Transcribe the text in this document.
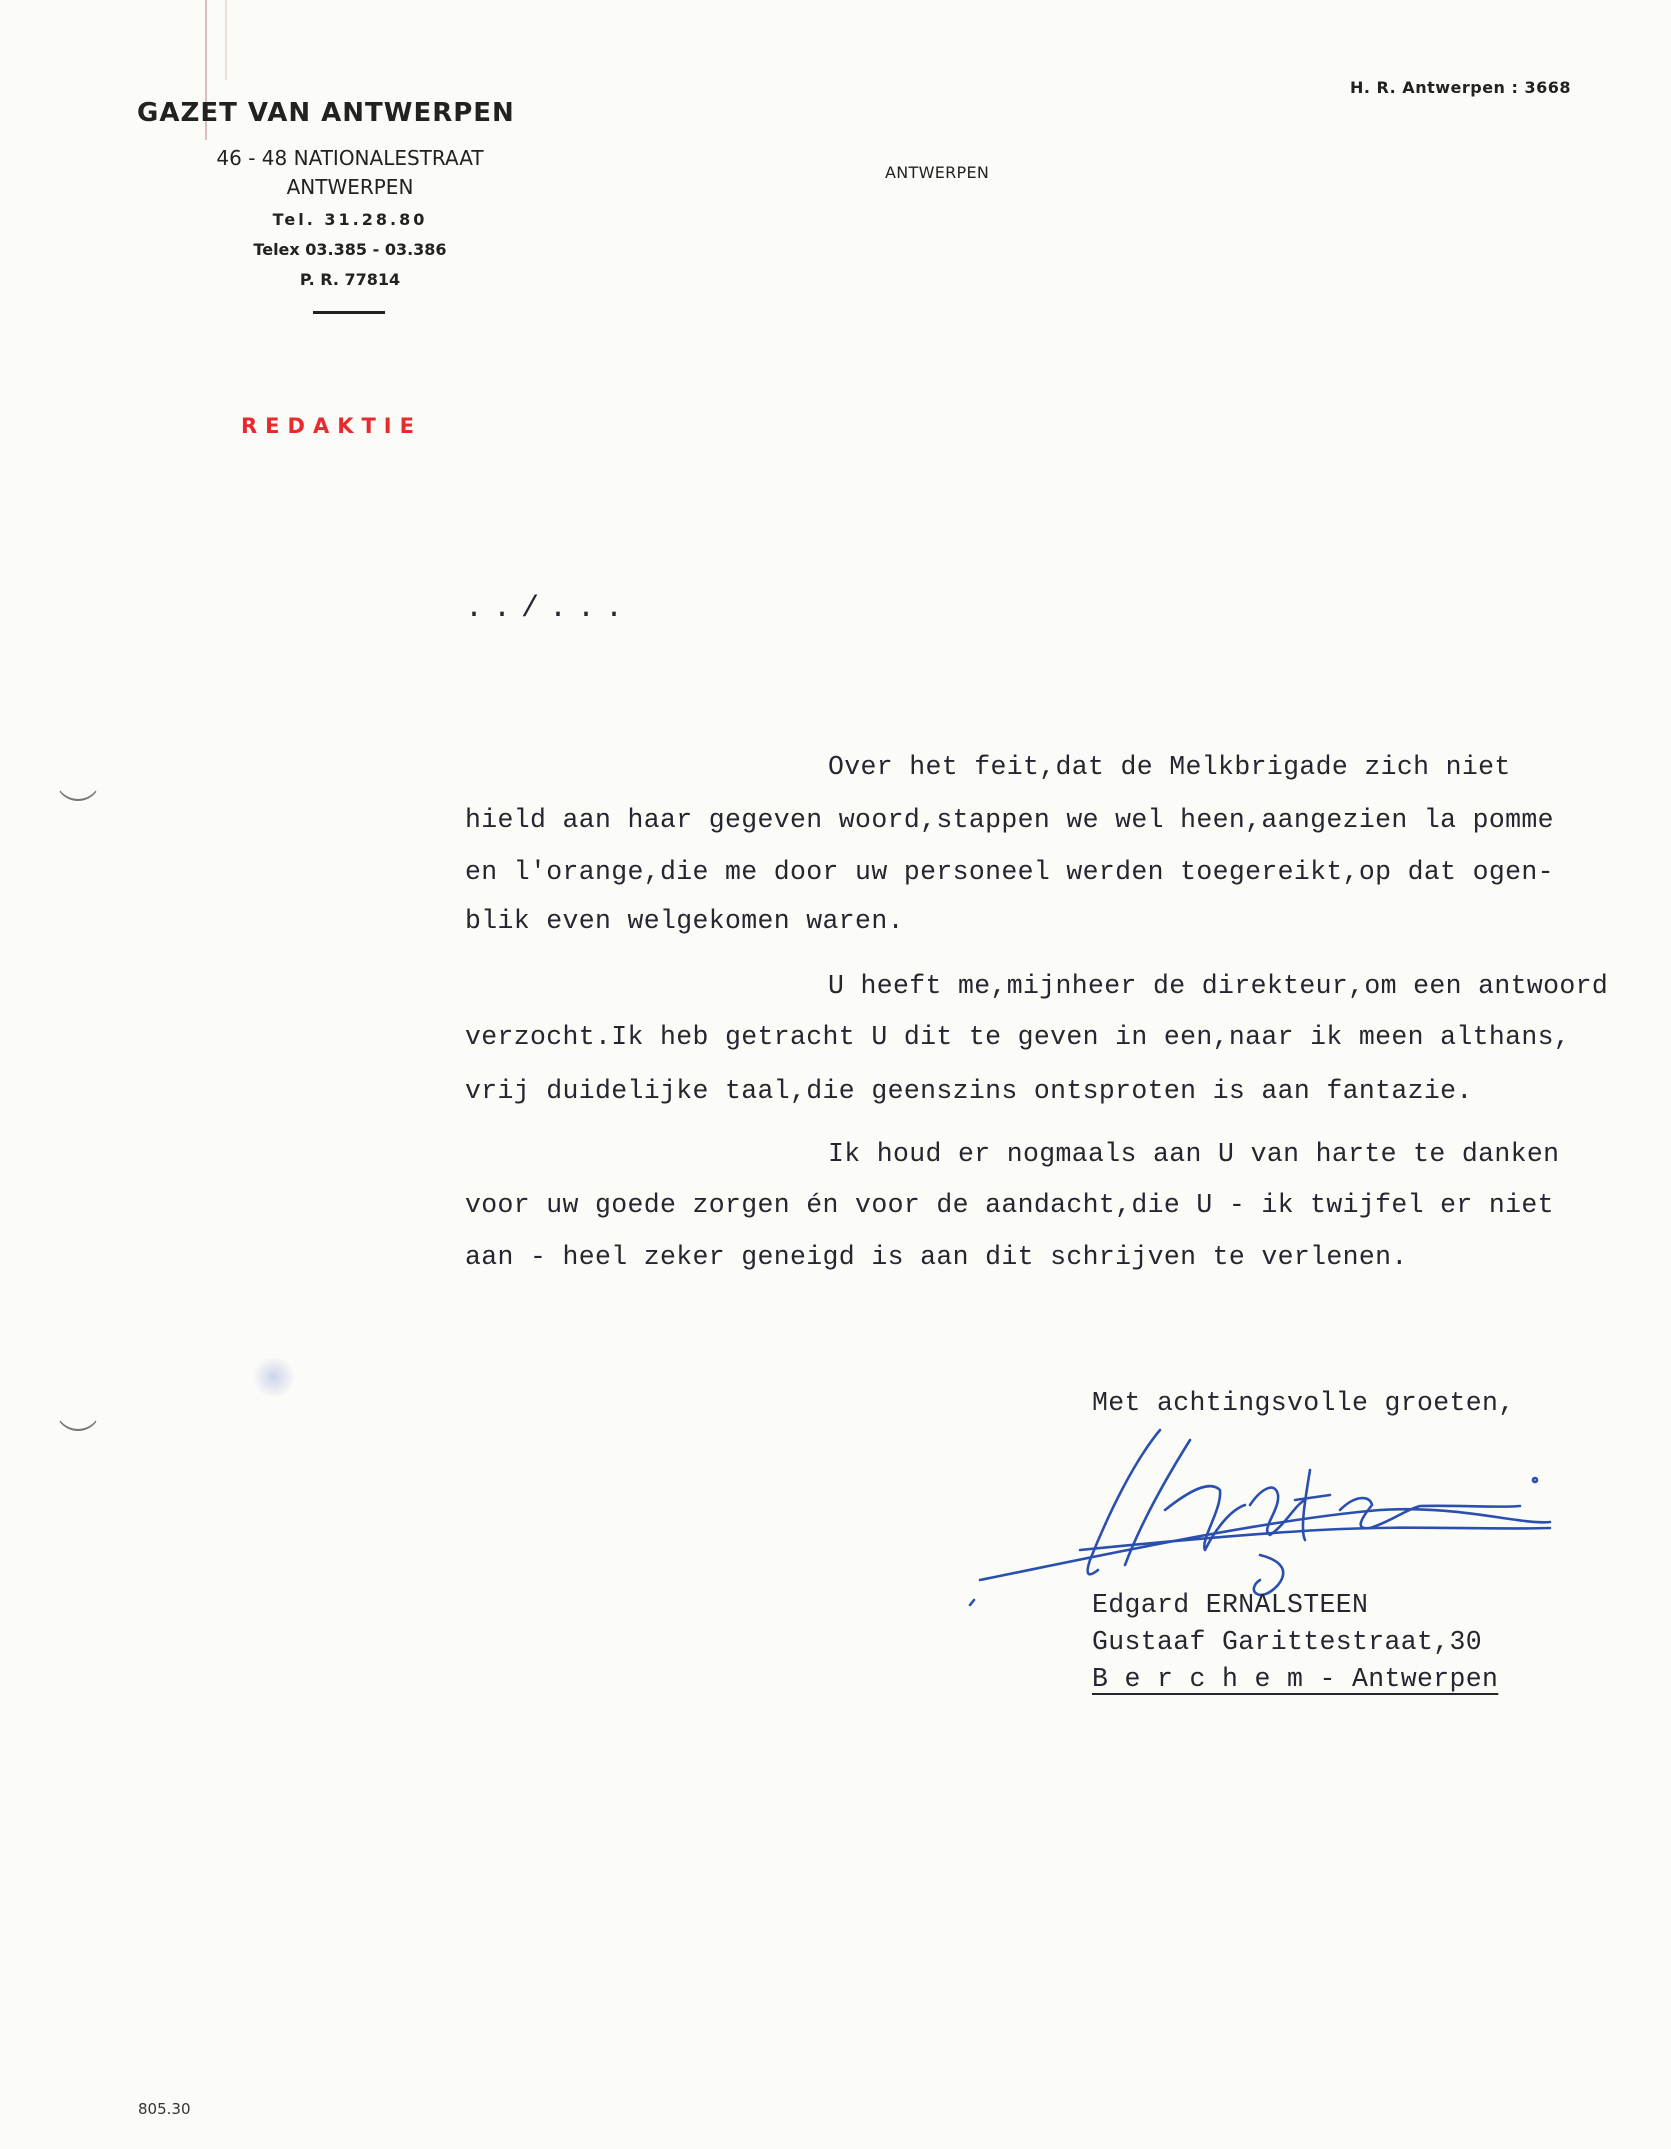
GAZET VAN ANTWERPEN
46 - 48 NATIONALESTRAAT
ANTWERPEN
Tel. 31.28.80
Telex 03.385 - 03.386
P. R. 77814
H. R. Antwerpen : 3668
ANTWERPEN
REDAKTIE
../...
Over het feit,dat de Melkbrigade zich niet
hield aan haar gegeven woord,stappen we wel heen,aangezien la pomme
en l'orange,die me door uw personeel werden toegereikt,op dat ogen-
blik even welgekomen waren.
U heeft me,mijnheer de direkteur,om een antwoord
verzocht.Ik heb getracht U dit te geven in een,naar ik meen althans,
vrij duidelijke taal,die geenszins ontsproten is aan fantazie.
Ik houd er nogmaals aan U van harte te danken
voor uw goede zorgen én voor de aandacht,die U - ik twijfel er niet
aan - heel zeker geneigd is aan dit schrijven te verlenen.
Met achtingsvolle groeten,
Edgard ERNALSTEEN
Gustaaf Garittestraat,30
B e r c h e m - Antwerpen
805.30
